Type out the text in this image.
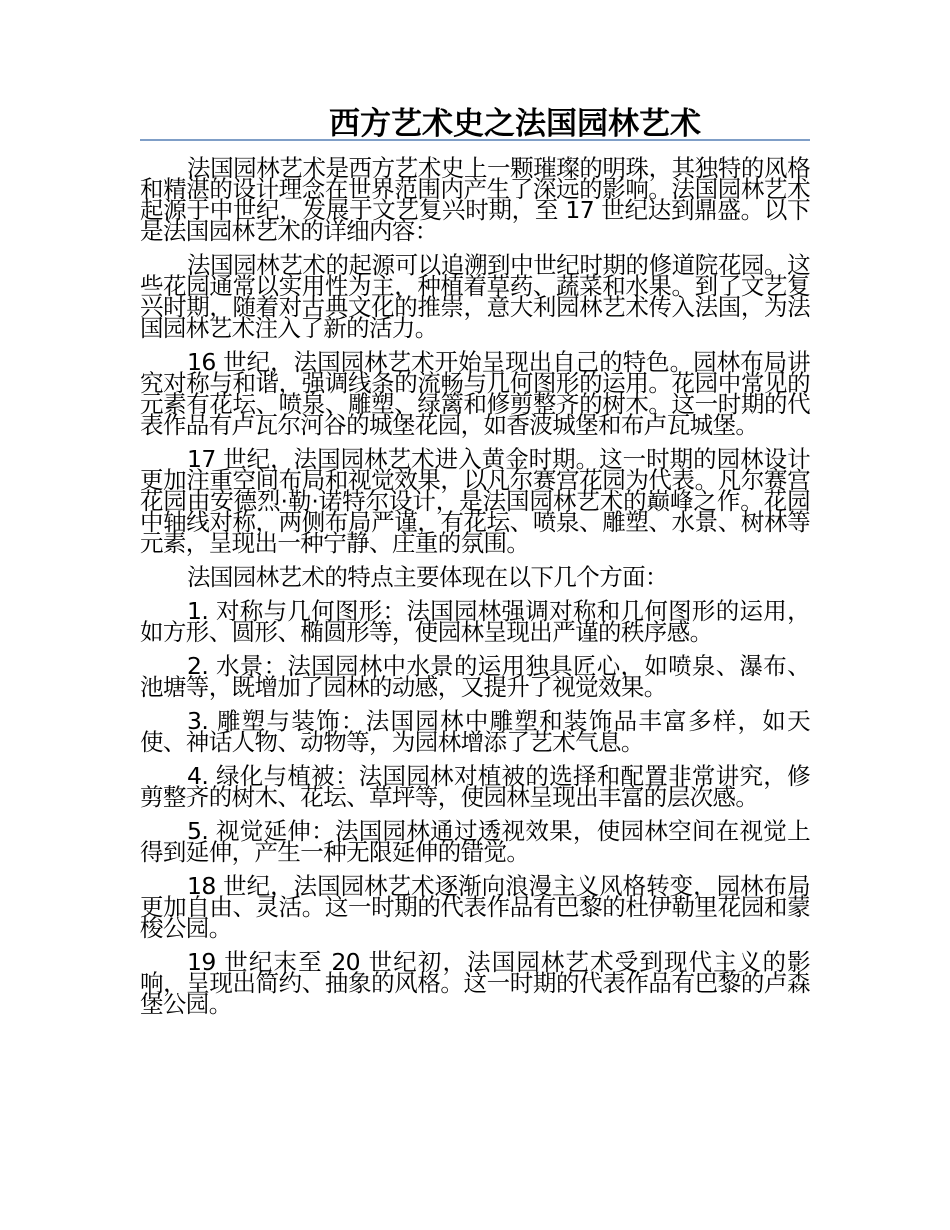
西方艺术史之法国园林艺术

法国园林艺术是西方艺术史上一颗璀璨的明珠，其独特的风格和精湛的设计理念在世界范围内产生了深远的影响。法国园林艺术起源于中世纪，发展于文艺复兴时期，至 17 世纪达到鼎盛。以下是法国园林艺术的详细内容：

法国园林艺术的起源可以追溯到中世纪时期的修道院花园。这些花园通常以实用性为主，种植着草药、蔬菜和水果。到了文艺复兴时期，随着对古典文化的推崇，意大利园林艺术传入法国，为法国园林艺术注入了新的活力。

16 世纪，法国园林艺术开始呈现出自己的特色。园林布局讲究对称与和谐，强调线条的流畅与几何图形的运用。花园中常见的元素有花坛、喷泉、雕塑、绿篱和修剪整齐的树木。这一时期的代表作品有卢瓦尔河谷的城堡花园，如香波城堡和布卢瓦城堡。

17 世纪，法国园林艺术进入黄金时期。这一时期的园林设计更加注重空间布局和视觉效果，以凡尔赛宫花园为代表。凡尔赛宫花园由安德烈·勒·诺特尔设计，是法国园林艺术的巅峰之作。花园中轴线对称，两侧布局严谨，有花坛、喷泉、雕塑、水景、树林等元素，呈现出一种宁静、庄重的氛围。

法国园林艺术的特点主要体现在以下几个方面：

1. 对称与几何图形：法国园林强调对称和几何图形的运用，如方形、圆形、椭圆形等，使园林呈现出严谨的秩序感。

2. 水景：法国园林中水景的运用独具匠心，如喷泉、瀑布、池塘等，既增加了园林的动感，又提升了视觉效果。

3. 雕塑与装饰：法国园林中雕塑和装饰品丰富多样，如天使、神话人物、动物等，为园林增添了艺术气息。

4. 绿化与植被：法国园林对植被的选择和配置非常讲究，修剪整齐的树木、花坛、草坪等，使园林呈现出丰富的层次感。

5. 视觉延伸：法国园林通过透视效果，使园林空间在视觉上得到延伸，产生一种无限延伸的错觉。

18 世纪，法国园林艺术逐渐向浪漫主义风格转变，园林布局更加自由、灵活。这一时期的代表作品有巴黎的杜伊勒里花园和蒙梭公园。

19 世纪末至 20 世纪初，法国园林艺术受到现代主义的影响，呈现出简约、抽象的风格。这一时期的代表作品有巴黎的卢森堡公园。
